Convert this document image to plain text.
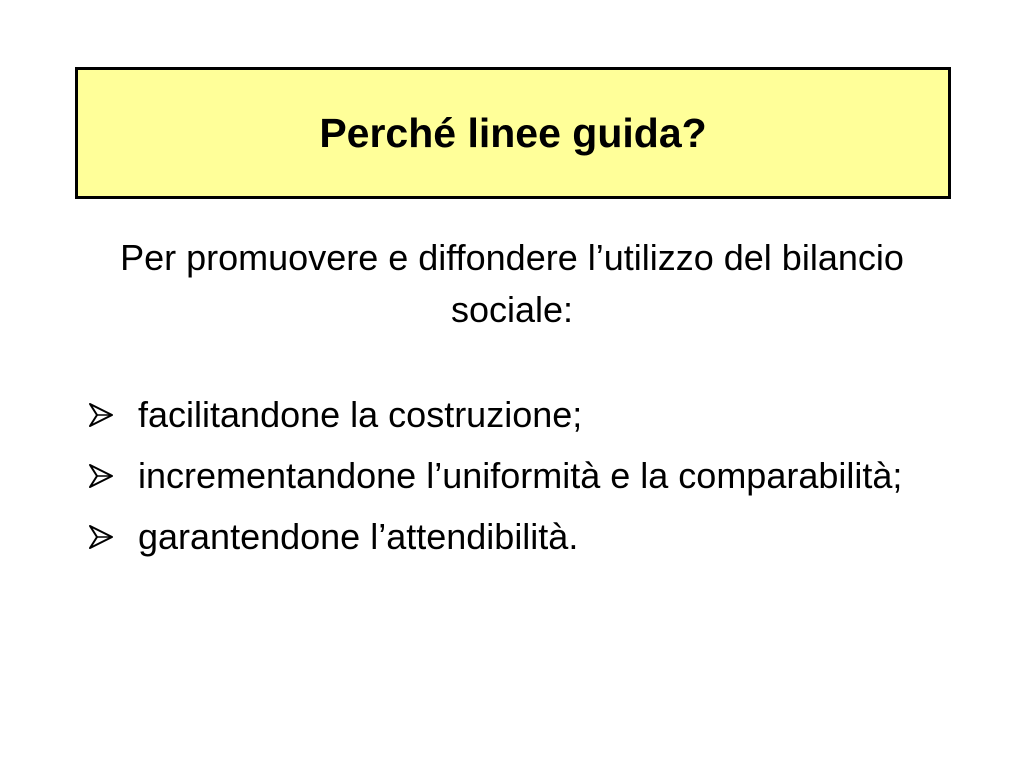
Perché linee guida?
Per promuovere e diffondere l’utilizzo del bilancio sociale:
facilitandone la costruzione;
incrementandone l’uniformità e la comparabilità;
garantendone l’attendibilità.
